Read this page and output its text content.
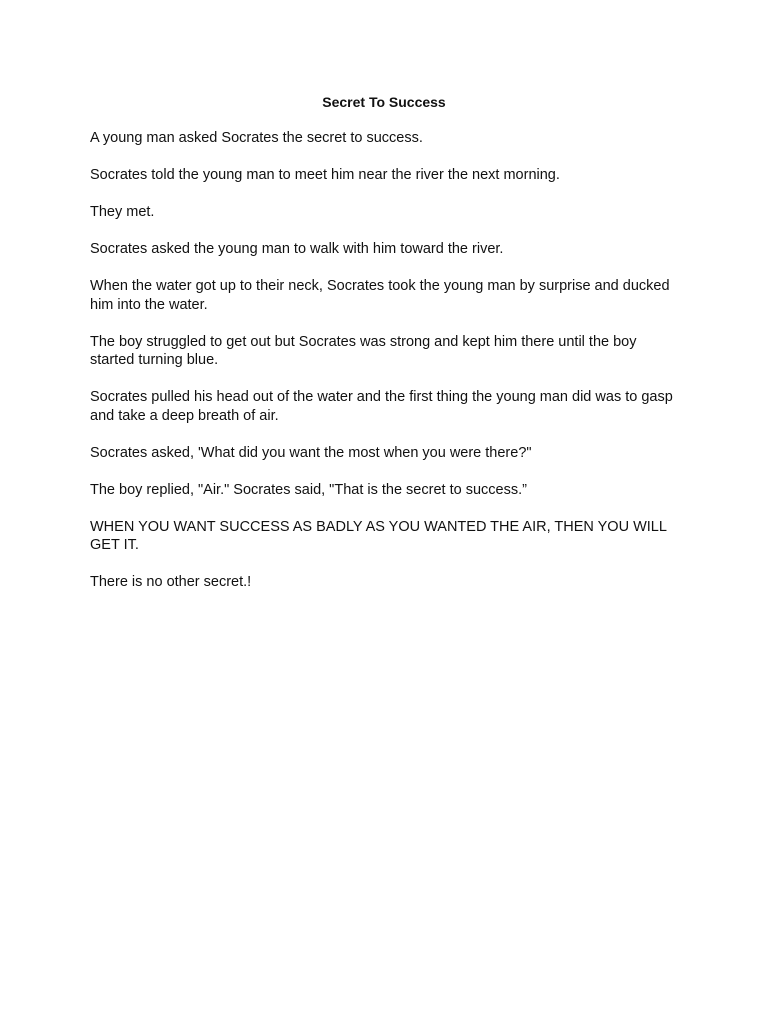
Secret To Success

A young man asked Socrates the secret to success.

Socrates told the young man to meet him near the river the next morning.

They met.

Socrates asked the young man to walk with him toward the river.

When the water got up to their neck, Socrates took the young man by surprise and ducked him into the water.

The boy struggled to get out but Socrates was strong and kept him there until the boy started turning blue.

Socrates pulled his head out of the water and the first thing the young man did was to gasp and take a deep breath of air.

Socrates asked, 'What did you want the most when you were there?"

The boy replied, "Air." Socrates said, "That is the secret to success.”

WHEN YOU WANT SUCCESS AS BADLY AS YOU WANTED THE AIR, THEN YOU WILL GET IT.

There is no other secret.!
